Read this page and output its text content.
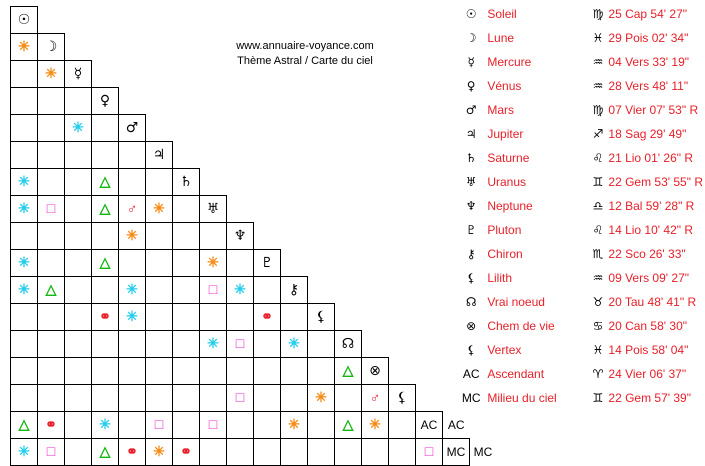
☉																	
✳	☽																
	✳	☿															
			♀														
		✳		♂													
					♃												
✳			△			♄											
✳	□		△	♂	✳		♅										
				✳				♆									
✳			△				✳		♇								
✳	△			✳			□	✳		⚷							
			⚭	✳					⚭		⚸						
							✳	□		✳		☊					
												△	⊗				
								□			✳		♂	⚸			
△	⚭		✳		□		□			✳		△	✳		AC	AC	
✳	□		△	⚭	✳	⚭									□	MC	MC
www.annuaire-voyance.com
Thème Astral / Carte du ciel
☉	Soleil	♍	25 Cap 54' 27"
☽	Lune	♓	29 Pois 02' 34"
☿	Mercure	♒	04 Vers 33' 19"
♀	Vénus	♒	28 Vers 48' 11"
♂	Mars	♍	07 Vier 07' 53" R
♃	Jupiter	♐	18 Sag 29' 49"
♄	Saturne	♌	21 Lio 01' 26" R
♅	Uranus	♊	22 Gem 53' 55" R
♆	Neptune	♎	12 Bal 59' 28" R
♇	Pluton	♌	14 Lio 10' 42" R
⚷	Chiron	♏	22 Sco 26' 33"
⚸	Lilith	♒	09 Vers 09' 27"
☊	Vrai noeud	♉	20 Tau 48' 41" R
⊗	Chem de vie	♋	20 Can 58' 30"
⚸	Vertex	♓	14 Pois 58' 04"
AC	Ascendant	♈	24 Vier 06' 37"
MC	Milieu du ciel	♊	22 Gem 57' 39"
